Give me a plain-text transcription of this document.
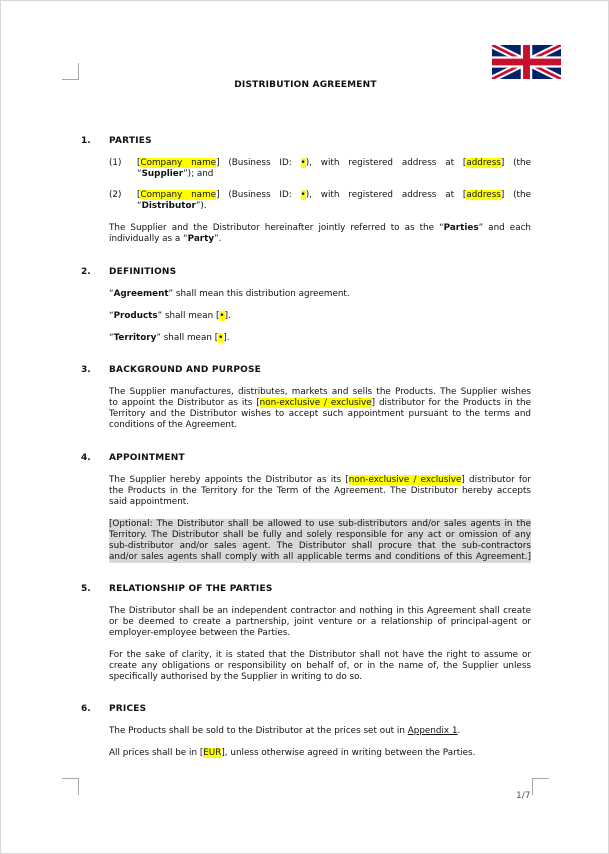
DISTRIBUTION AGREEMENT
1. PARTIES
(1) [Company name] (Business ID: •), with registered address at [address] (the
“Supplier”); and
(2) [Company name] (Business ID: •), with registered address at [address] (the
“Distributor”).
The Supplier and the Distributor hereinafter jointly referred to as the “Parties” and each
individually as a “Party”.
2. DEFINITIONS
“Agreement” shall mean this distribution agreement.
“Products” shall mean [•].
“Territory” shall mean [•].
3. BACKGROUND AND PURPOSE
The Supplier manufactures, distributes, markets and sells the Products. The Supplier wishes
to appoint the Distributor as its [non-exclusive / exclusive] distributor for the Products in the
Territory and the Distributor wishes to accept such appointment pursuant to the terms and
conditions of the Agreement.
4. APPOINTMENT
The Supplier hereby appoints the Distributor as its [non-exclusive / exclusive] distributor for
the Products in the Territory for the Term of the Agreement. The Distributor hereby accepts
said appointment.
[Optional: The Distributor shall be allowed to use sub-distributors and/or sales agents in the
Territory. The Distributor shall be fully and solely responsible for any act or omission of any
sub-distributor and/or sales agent. The Distributor shall procure that the sub-contractors
and/or sales agents shall comply with all applicable terms and conditions of this Agreement.]
5. RELATIONSHIP OF THE PARTIES
The Distributor shall be an independent contractor and nothing in this Agreement shall create
or be deemed to create a partnership, joint venture or a relationship of principal-agent or
employer-employee between the Parties.
For the sake of clarity, it is stated that the Distributor shall not have the right to assume or
create any obligations or responsibility on behalf of, or in the name of, the Supplier unless
specifically authorised by the Supplier in writing to do so.
6. PRICES
The Products shall be sold to the Distributor at the prices set out in Appendix 1.
All prices shall be in [EUR], unless otherwise agreed in writing between the Parties.
1/7
